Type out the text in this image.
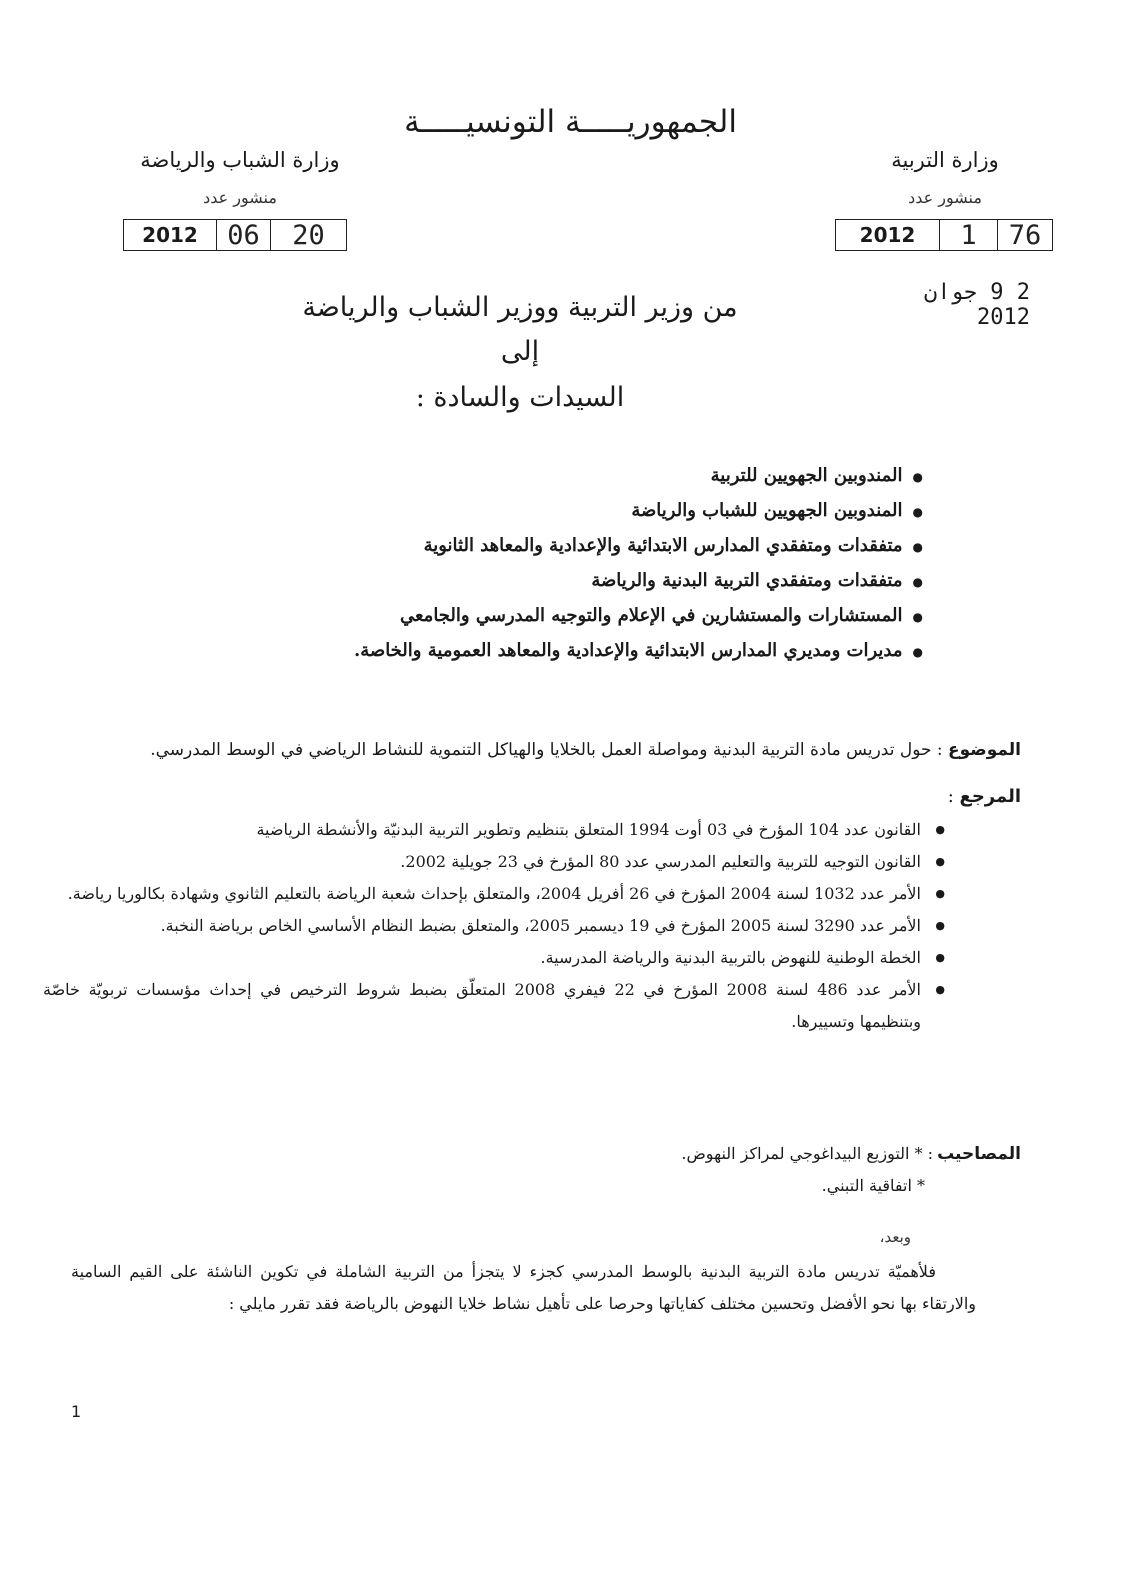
الجمهوريـــــة التونسيـــــة
وزارة الشباب والرياضة
منشور عدد
2012	06	20
وزارة التربية
منشور عدد
2012	1	76
2 9 جوان 2012
من وزير التربية ووزير الشباب والرياضة
إلى
السيدات والسادة :
● المندوبين الجهويين للتربية
● المندوبين الجهويين للشباب والرياضة
● متفقدات ومتفقدي المدارس الابتدائية والإعدادية والمعاهد الثانوية
● متفقدات ومتفقدي التربية البدنية والرياضة
● المستشارات والمستشارين في الإعلام والتوجيه المدرسي والجامعي
● مديرات ومديري المدارس الابتدائية والإعدادية والمعاهد العمومية والخاصة.
الموضوع : حول تدريس مادة التربية البدنية ومواصلة العمل بالخلايا والهياكل التنموية للنشاط الرياضي في الوسط المدرسي.
المرجع :
● القانون عدد 104 المؤرخ في 03 أوت 1994 المتعلق بتنظيم وتطوير التربية البدنيّة والأنشطة الرياضية
● القانون التوجيه للتربية والتعليم المدرسي عدد 80 المؤرخ في 23 جويلية 2002.
● الأمر عدد 1032 لسنة 2004 المؤرخ في 26 أفريل 2004، والمتعلق بإحداث شعبة الرياضة بالتعليم الثانوي وشهادة بكالوريا رياضة.
● الأمر عدد 3290 لسنة 2005 المؤرخ في 19 ديسمبر 2005، والمتعلق بضبط النظام الأساسي الخاص برياضة النخبة.
● الخطة الوطنية للنهوض بالتربية البدنية والرياضة المدرسية.
● الأمر عدد 486 لسنة 2008 المؤرخ في 22 فيفري 2008 المتعلّق بضبط شروط الترخيص في إحداث مؤسسات تربويّة خاصّة وبتنظيمها وتسييرها.
المصاحيب: * التوزيع البيداغوجي لمراكز النهوض.
* اتفاقية التبني.
وبعد،
فلأهميّة تدريس مادة التربية البدنية بالوسط المدرسي كجزء لا يتجزأ من التربية الشاملة في تكوين الناشئة على القيم السامية والارتقاء بها نحو الأفضل وتحسين مختلف كفاياتها وحرصا على تأهيل نشاط خلايا النهوض بالرياضة فقد تقرر مايلي :
1
